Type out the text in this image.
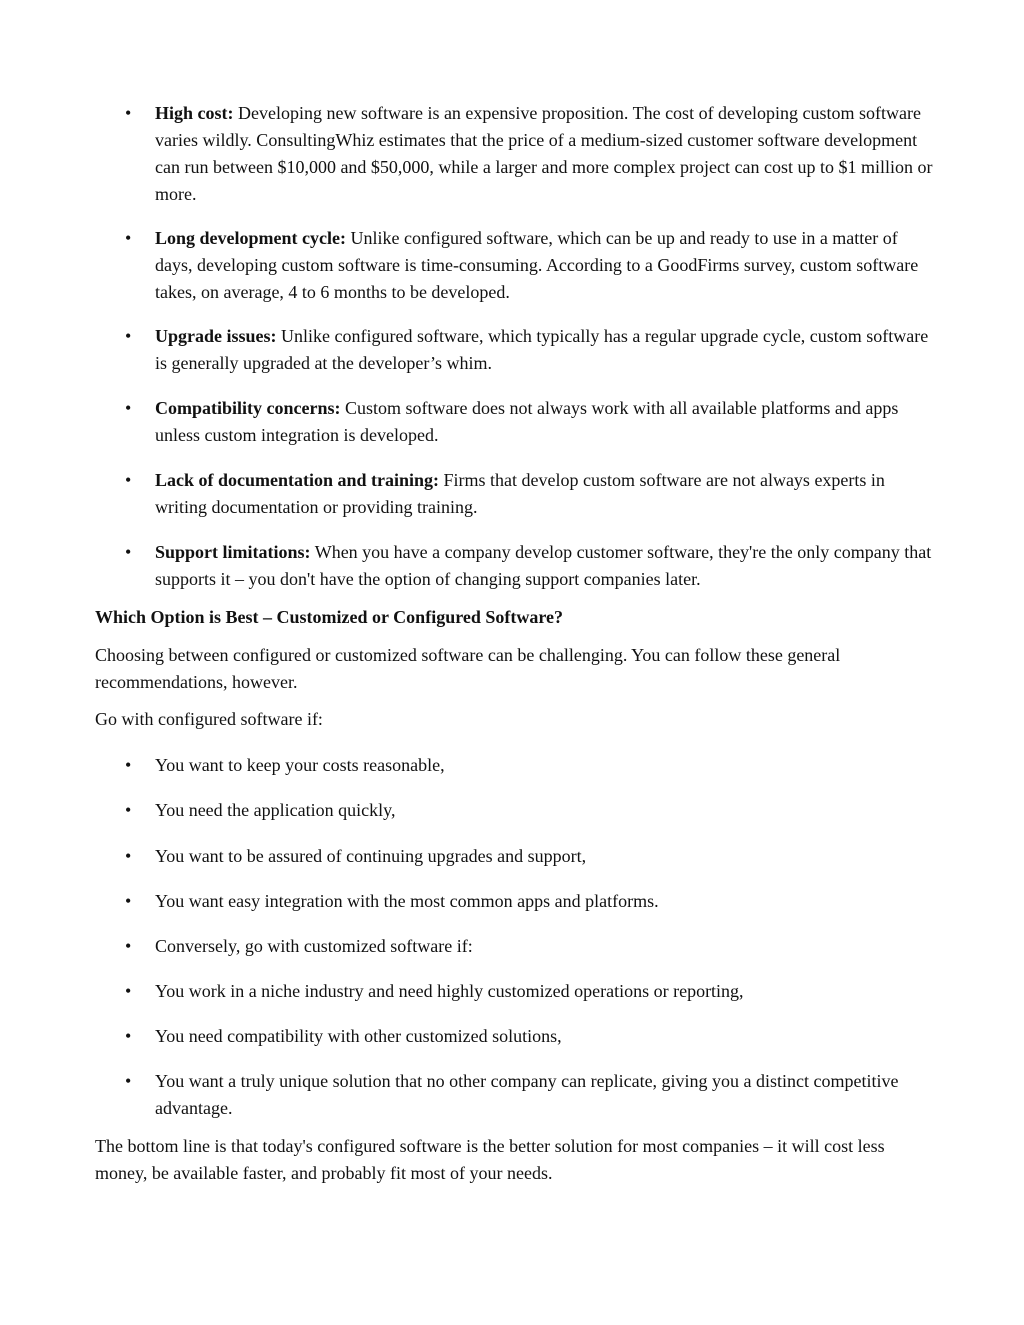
• High cost: Developing new software is an expensive proposition. The cost of developing custom software varies wildly. ConsultingWhiz estimates that the price of a medium-sized customer software development can run between $10,000 and $50,000, while a larger and more complex project can cost up to $1 million or more.
• Long development cycle: Unlike configured software, which can be up and ready to use in a matter of days, developing custom software is time-consuming. According to a GoodFirms survey, custom software takes, on average, 4 to 6 months to be developed.
• Upgrade issues: Unlike configured software, which typically has a regular upgrade cycle, custom software is generally upgraded at the developer’s whim.
• Compatibility concerns: Custom software does not always work with all available platforms and apps unless custom integration is developed.
• Lack of documentation and training: Firms that develop custom software are not always experts in writing documentation or providing training.
• Support limitations: When you have a company develop customer software, they're the only company that supports it – you don't have the option of changing support companies later.
Which Option is Best – Customized or Configured Software?
Choosing between configured or customized software can be challenging. You can follow these general recommendations, however.
Go with configured software if:
• You want to keep your costs reasonable,
• You need the application quickly,
• You want to be assured of continuing upgrades and support,
• You want easy integration with the most common apps and platforms.
• Conversely, go with customized software if:
• You work in a niche industry and need highly customized operations or reporting,
• You need compatibility with other customized solutions,
• You want a truly unique solution that no other company can replicate, giving you a distinct competitive advantage.
The bottom line is that today's configured software is the better solution for most companies – it will cost less money, be available faster, and probably fit most of your needs.
